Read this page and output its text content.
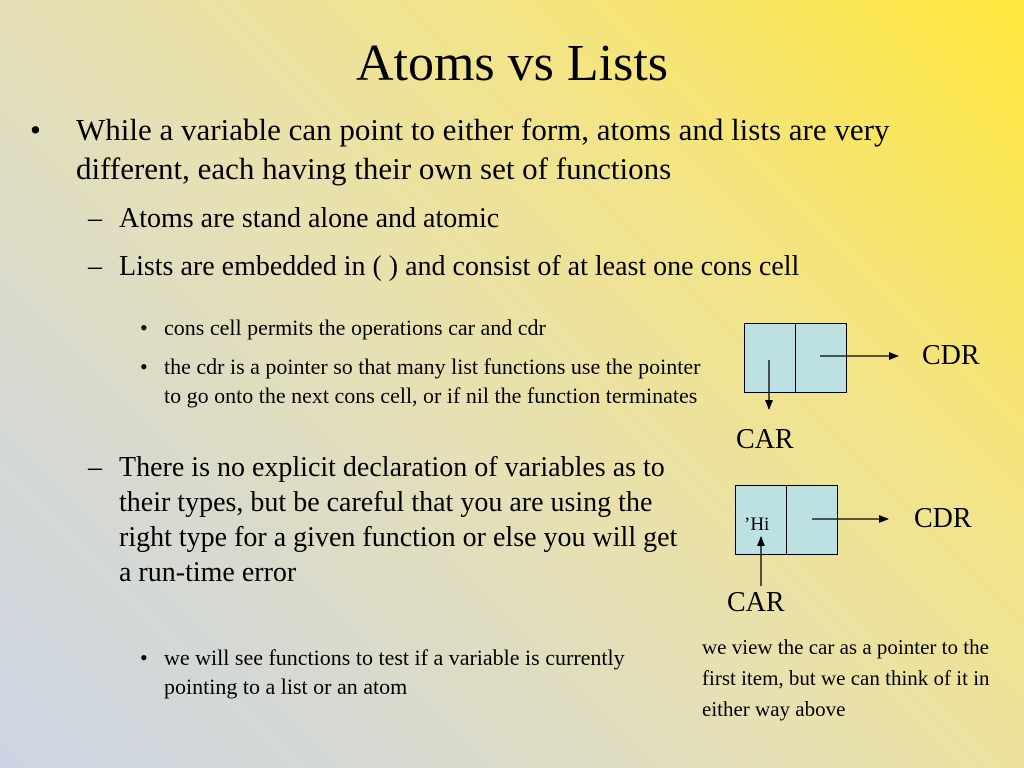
Atoms vs Lists
• While a variable can point to either form, atoms and lists are very different, each having their own set of functions
– Atoms are stand alone and atomic
– Lists are embedded in ( ) and consist of at least one cons cell
• cons cell permits the operations car and cdr
• the cdr is a pointer so that many list functions use the pointer to go onto the next cons cell, or if nil the function terminates
– There is no explicit declaration of variables as to their types, but be careful that you are using the right type for a given function or else you will get a run-time error
• we will see functions to test if a variable is currently pointing to a list or an atom
CDR
CAR
’Hi	CDR
CAR
we view the car as a pointer to the first item, but we can think of it in either way above
